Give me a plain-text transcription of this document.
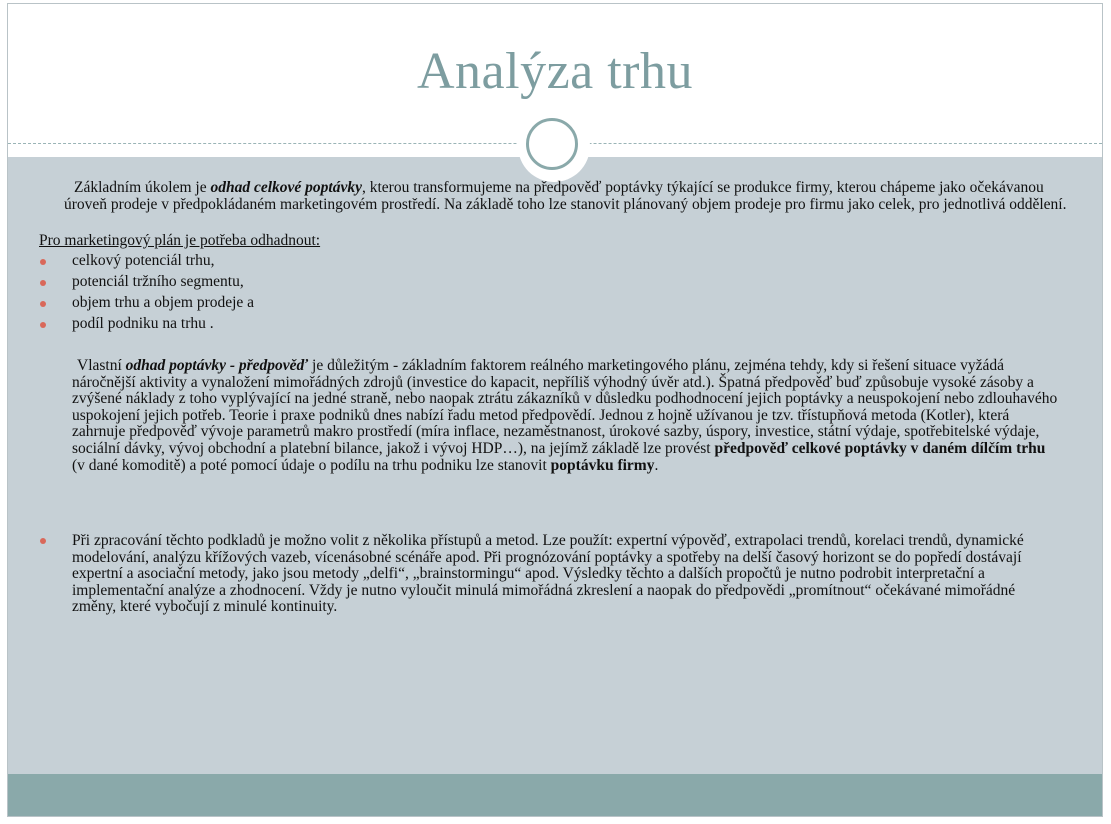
Analýza trhu
Základním úkolem je odhad celkové poptávky, kterou transformujeme na předpověď poptávky týkající se produkce firmy, kterou chápeme jako očekávanou úroveň prodeje v předpokládaném marketingovém prostředí. Na základě toho lze stanovit plánovaný objem prodeje pro firmu jako celek, pro jednotlivá oddělení.
Pro marketingový plán je potřeba odhadnout:
celkový potenciál trhu,
potenciál tržního segmentu,
objem trhu a objem prodeje a
podíl podniku na trhu .
Vlastní odhad poptávky - předpověď je důležitým - základním faktorem reálného marketingového plánu, zejména tehdy, kdy si řešení situace vyžádá náročnější aktivity a vynaložení mimořádných zdrojů (investice do kapacit, nepříliš výhodný úvěr atd.). Špatná předpověď buď způsobuje vysoké zásoby a zvýšené náklady z toho vyplývající na jedné straně, nebo naopak ztrátu zákazníků v důsledku podhodnocení jejich poptávky a neuspokojení nebo zdlouhavého uspokojení jejich potřeb. Teorie i praxe podniků dnes nabízí řadu metod předpovědí. Jednou z hojně užívanou je tzv. třístupňová metoda (Kotler), která zahrnuje předpověď vývoje parametrů makro prostředí (míra inflace, nezaměstnanost, úrokové sazby, úspory, investice, státní výdaje, spotřebitelské výdaje, sociální dávky, vývoj obchodní a platební bilance, jakož i vývoj HDP…), na jejímž základě lze provést předpověď celkové poptávky v daném dílčím trhu (v dané komoditě) a poté pomocí údaje o podílu na trhu podniku lze stanovit poptávku firmy.
Při zpracování těchto podkladů je možno volit z několika přístupů a metod. Lze použít: expertní výpověď, extrapolaci trendů, korelaci trendů, dynamické modelování, analýzu křížových vazeb, vícenásobné scénáře apod. Při prognózování poptávky a spotřeby na delší časový horizont se do popředí dostávají expertní a asociační metody, jako jsou metody „delfi“, „brainstormingu“ apod. Výsledky těchto a dalších propočtů je nutno podrobit interpretační a implementační analýze a zhodnocení. Vždy je nutno vyloučit minulá mimořádná zkreslení a naopak do předpovědi „promítnout“ očekávané mimořádné změny, které vybočují z minulé kontinuity.
